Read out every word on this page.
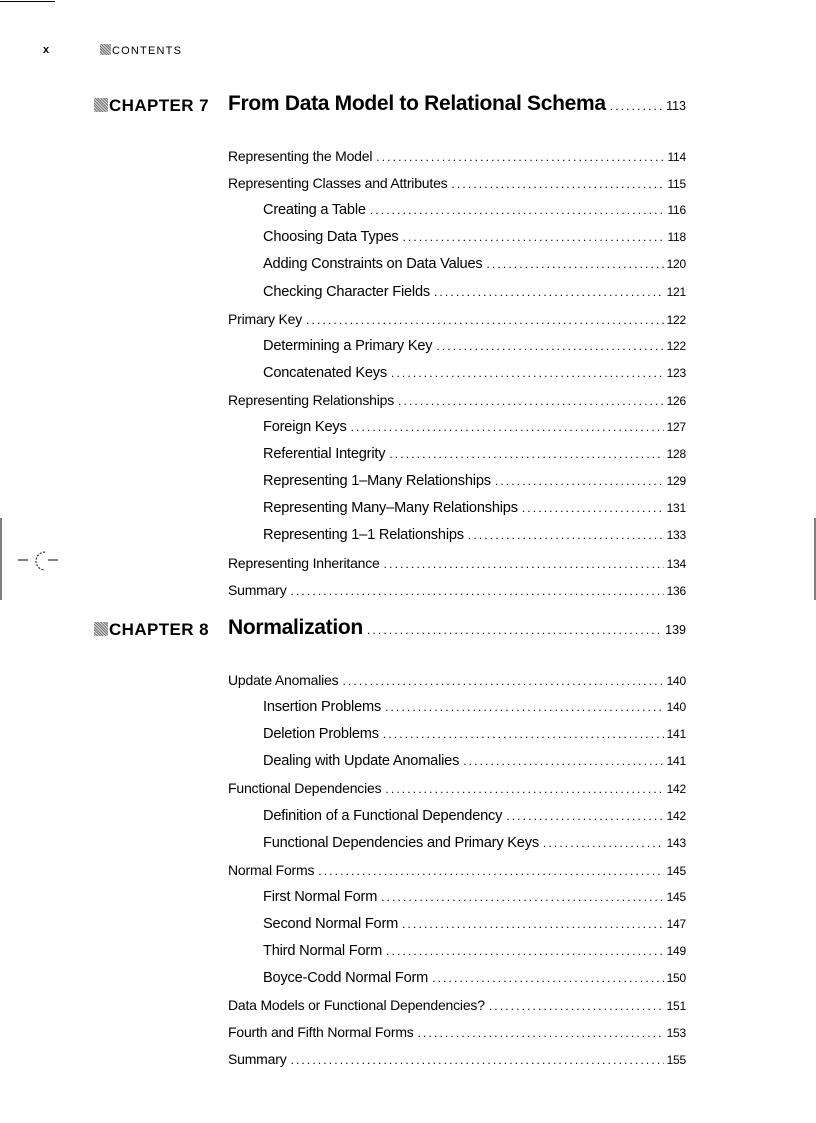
x	CONTENTS
CHAPTER 7 From Data Model to Relational Schema . . .	113
Representing the Model . . .	114
Representing Classes and Attributes . . .	115
Creating a Table . . .	116
Choosing Data Types . . .	118
Adding Constraints on Data Values . . .	120
Checking Character Fields . . .	121
Primary Key . . .	122
Determining a Primary Key . . .	122
Concatenated Keys . . .	123
Representing Relationships . . .	126
Foreign Keys . . .	127
Referential Integrity . . .	128
Representing 1–Many Relationships . . .	129
Representing Many–Many Relationships . . .	131
Representing 1–1 Relationships . . .	133
Representing Inheritance . . .	134
Summary . . .	136
CHAPTER 8 Normalization . . .	139
Update Anomalies . . .	140
Insertion Problems . . .	140
Deletion Problems . . .	141
Dealing with Update Anomalies . . .	141
Functional Dependencies . . .	142
Definition of a Functional Dependency . . .	142
Functional Dependencies and Primary Keys . . .	143
Normal Forms . . .	145
First Normal Form . . .	145
Second Normal Form . . .	147
Third Normal Form . . .	149
Boyce-Codd Normal Form . . .	150
Data Models or Functional Dependencies? . . .	151
Fourth and Fifth Normal Forms . . .	153
Summary . . .	155
